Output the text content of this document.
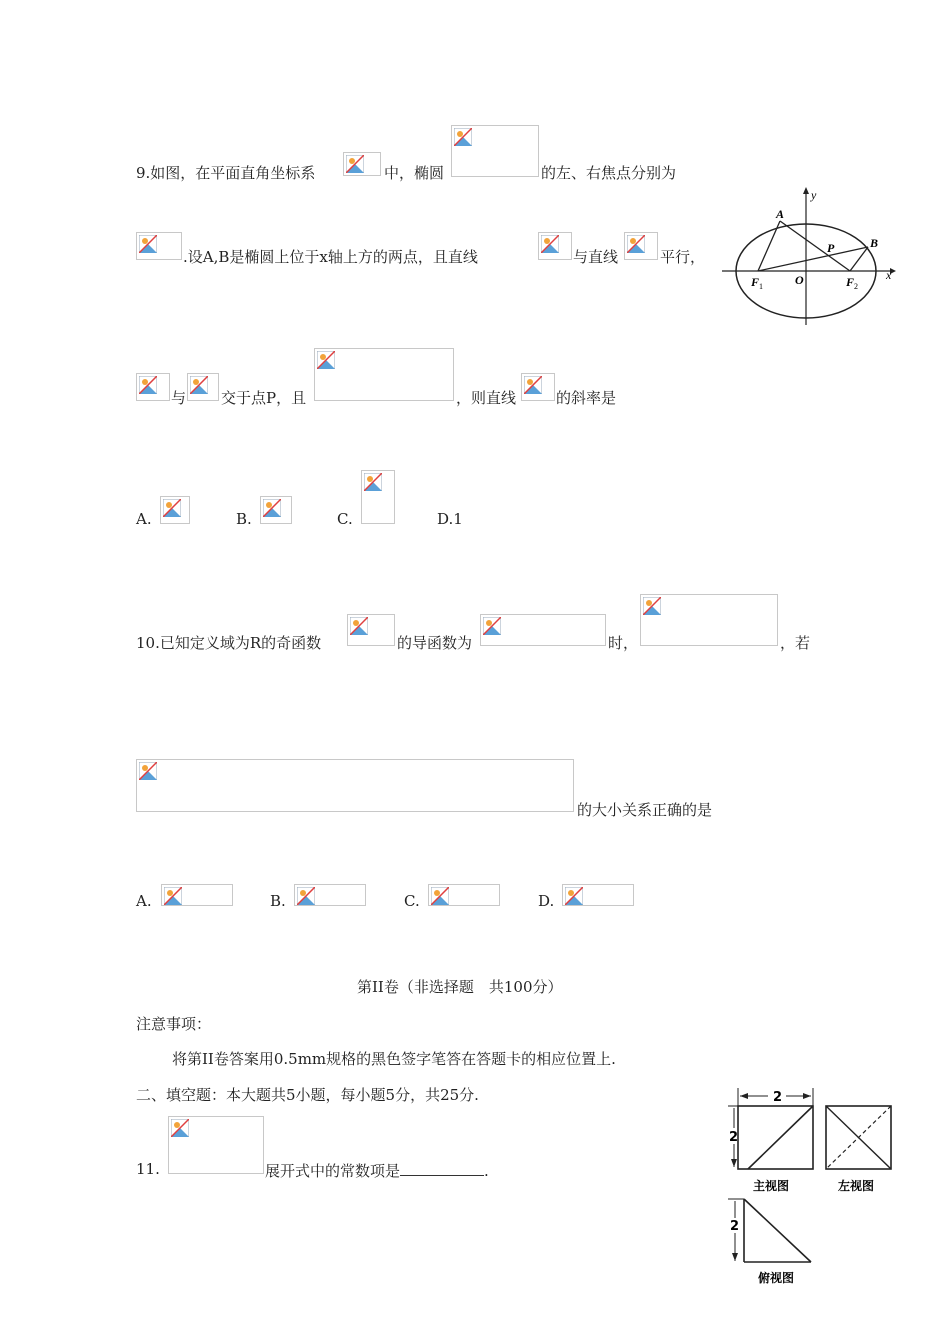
9.如图，在平面直角坐标系	中，椭圆	的左、右焦点分别为
.设A,B是椭圆上位于x轴上方的两点，且直线	与直线	平行，
y
x
A
B
P
O
F 1	F 2
与 交于点P，且	，则直线	的斜率是
A.	B.	C.	D.1
10.已知定义域为R的奇函数	的导函数为	时，	，若
的大小关系正确的是
A.	B.	C.	D.
第II卷（非选择题　共100分）
注意事项：
将第II卷答案用0.5mm规格的黑色签字笔答在答题卡的相应位置上.
二、填空题：本大题共5小题，每小题5分，共25分.
11.	展开式中的常数项是	.
2
2
主视图	左视图
2
俯视图
